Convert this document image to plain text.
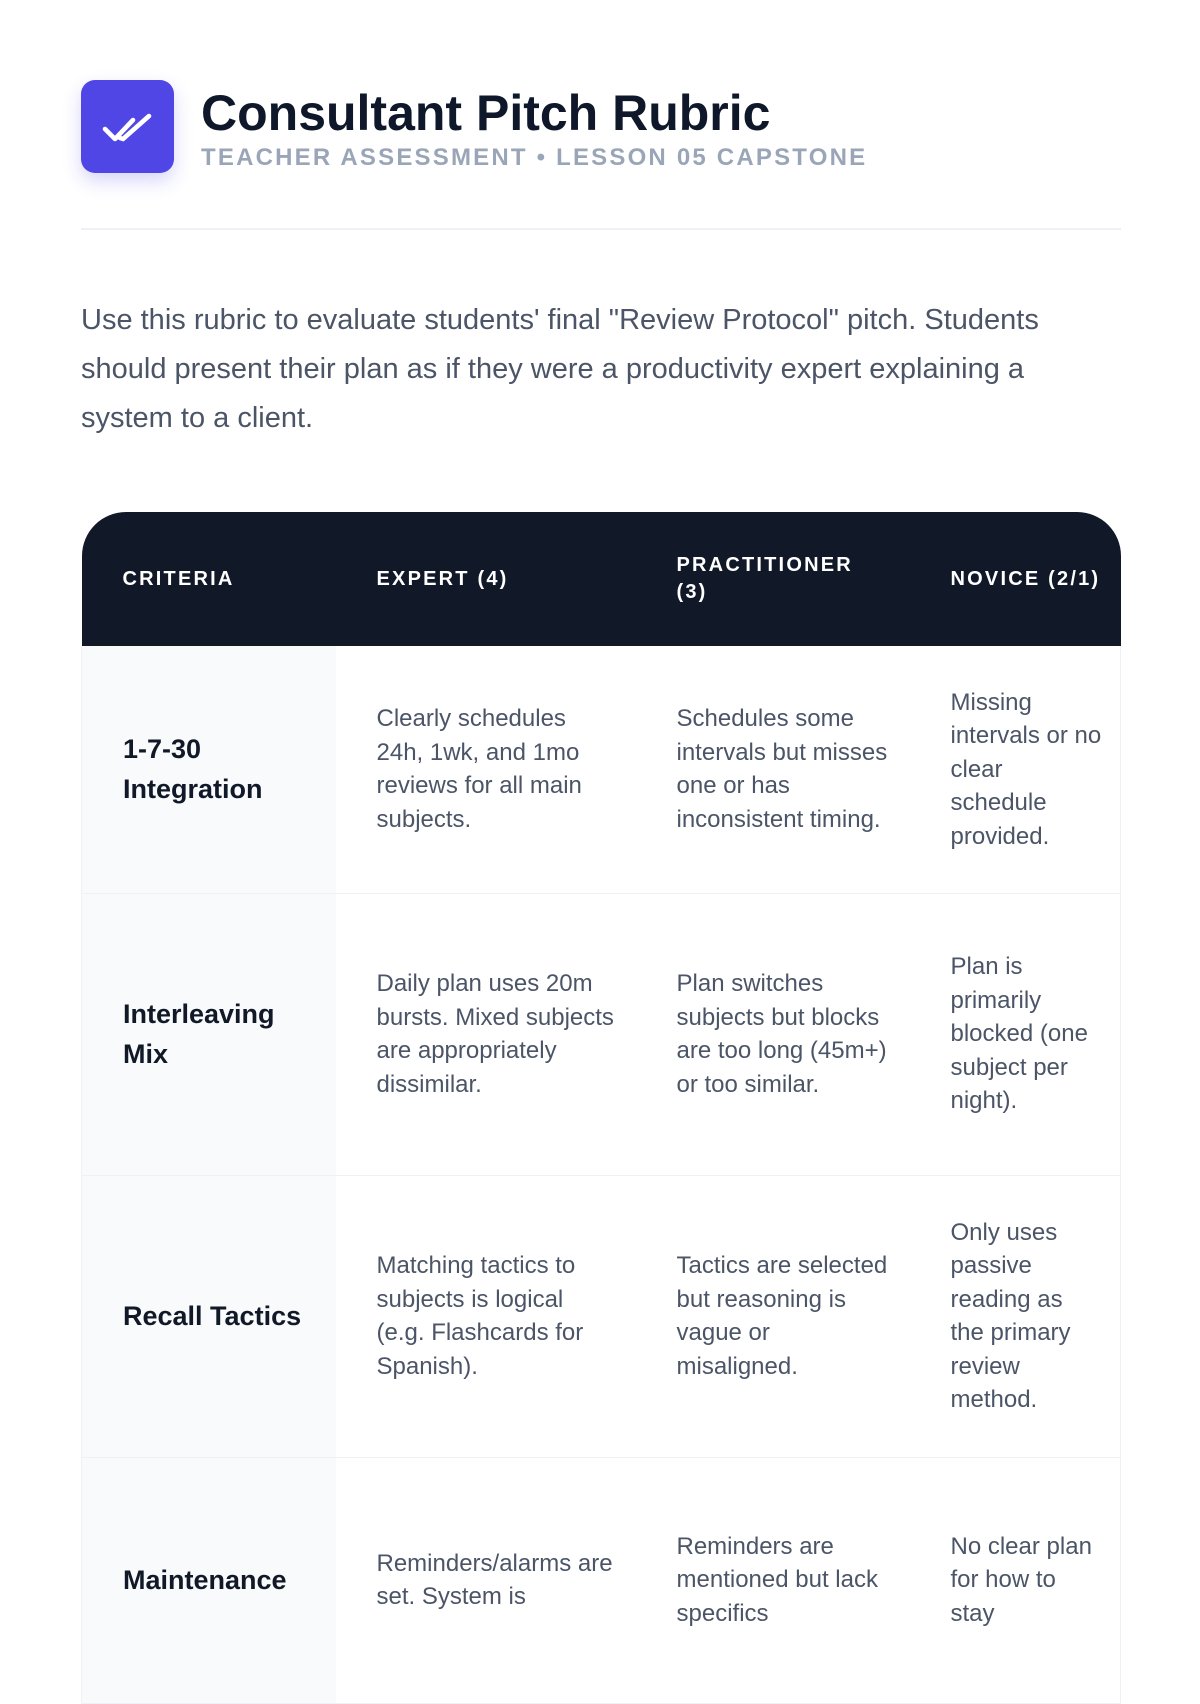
Consultant Pitch Rubric
TEACHER ASSESSMENT • LESSON 05 CAPSTONE

Use this rubric to evaluate students' final "Review Protocol" pitch. Students should present their plan as if they were a productivity expert explaining a system to a client.

CRITERIA	EXPERT (4)	PRACTITIONER (3)	NOVICE (2/1)
1-7-30 Integration	Clearly schedules 24h, 1wk, and 1mo reviews for all main subjects.	Schedules some intervals but misses one or has inconsistent timing.	Missing intervals or no clear schedule provided.
Interleaving Mix	Daily plan uses 20m bursts. Mixed subjects are appropriately dissimilar.	Plan switches subjects but blocks are too long (45m+) or too similar.	Plan is primarily blocked (one subject per night).
Recall Tactics	Matching tactics to subjects is logical (e.g. Flashcards for Spanish).	Tactics are selected but reasoning is vague or misaligned.	Only uses passive reading as the primary review method.
Maintenance	Reminders/alarms are set. System is	Reminders are mentioned but lack specifics	No clear plan for how to stay
